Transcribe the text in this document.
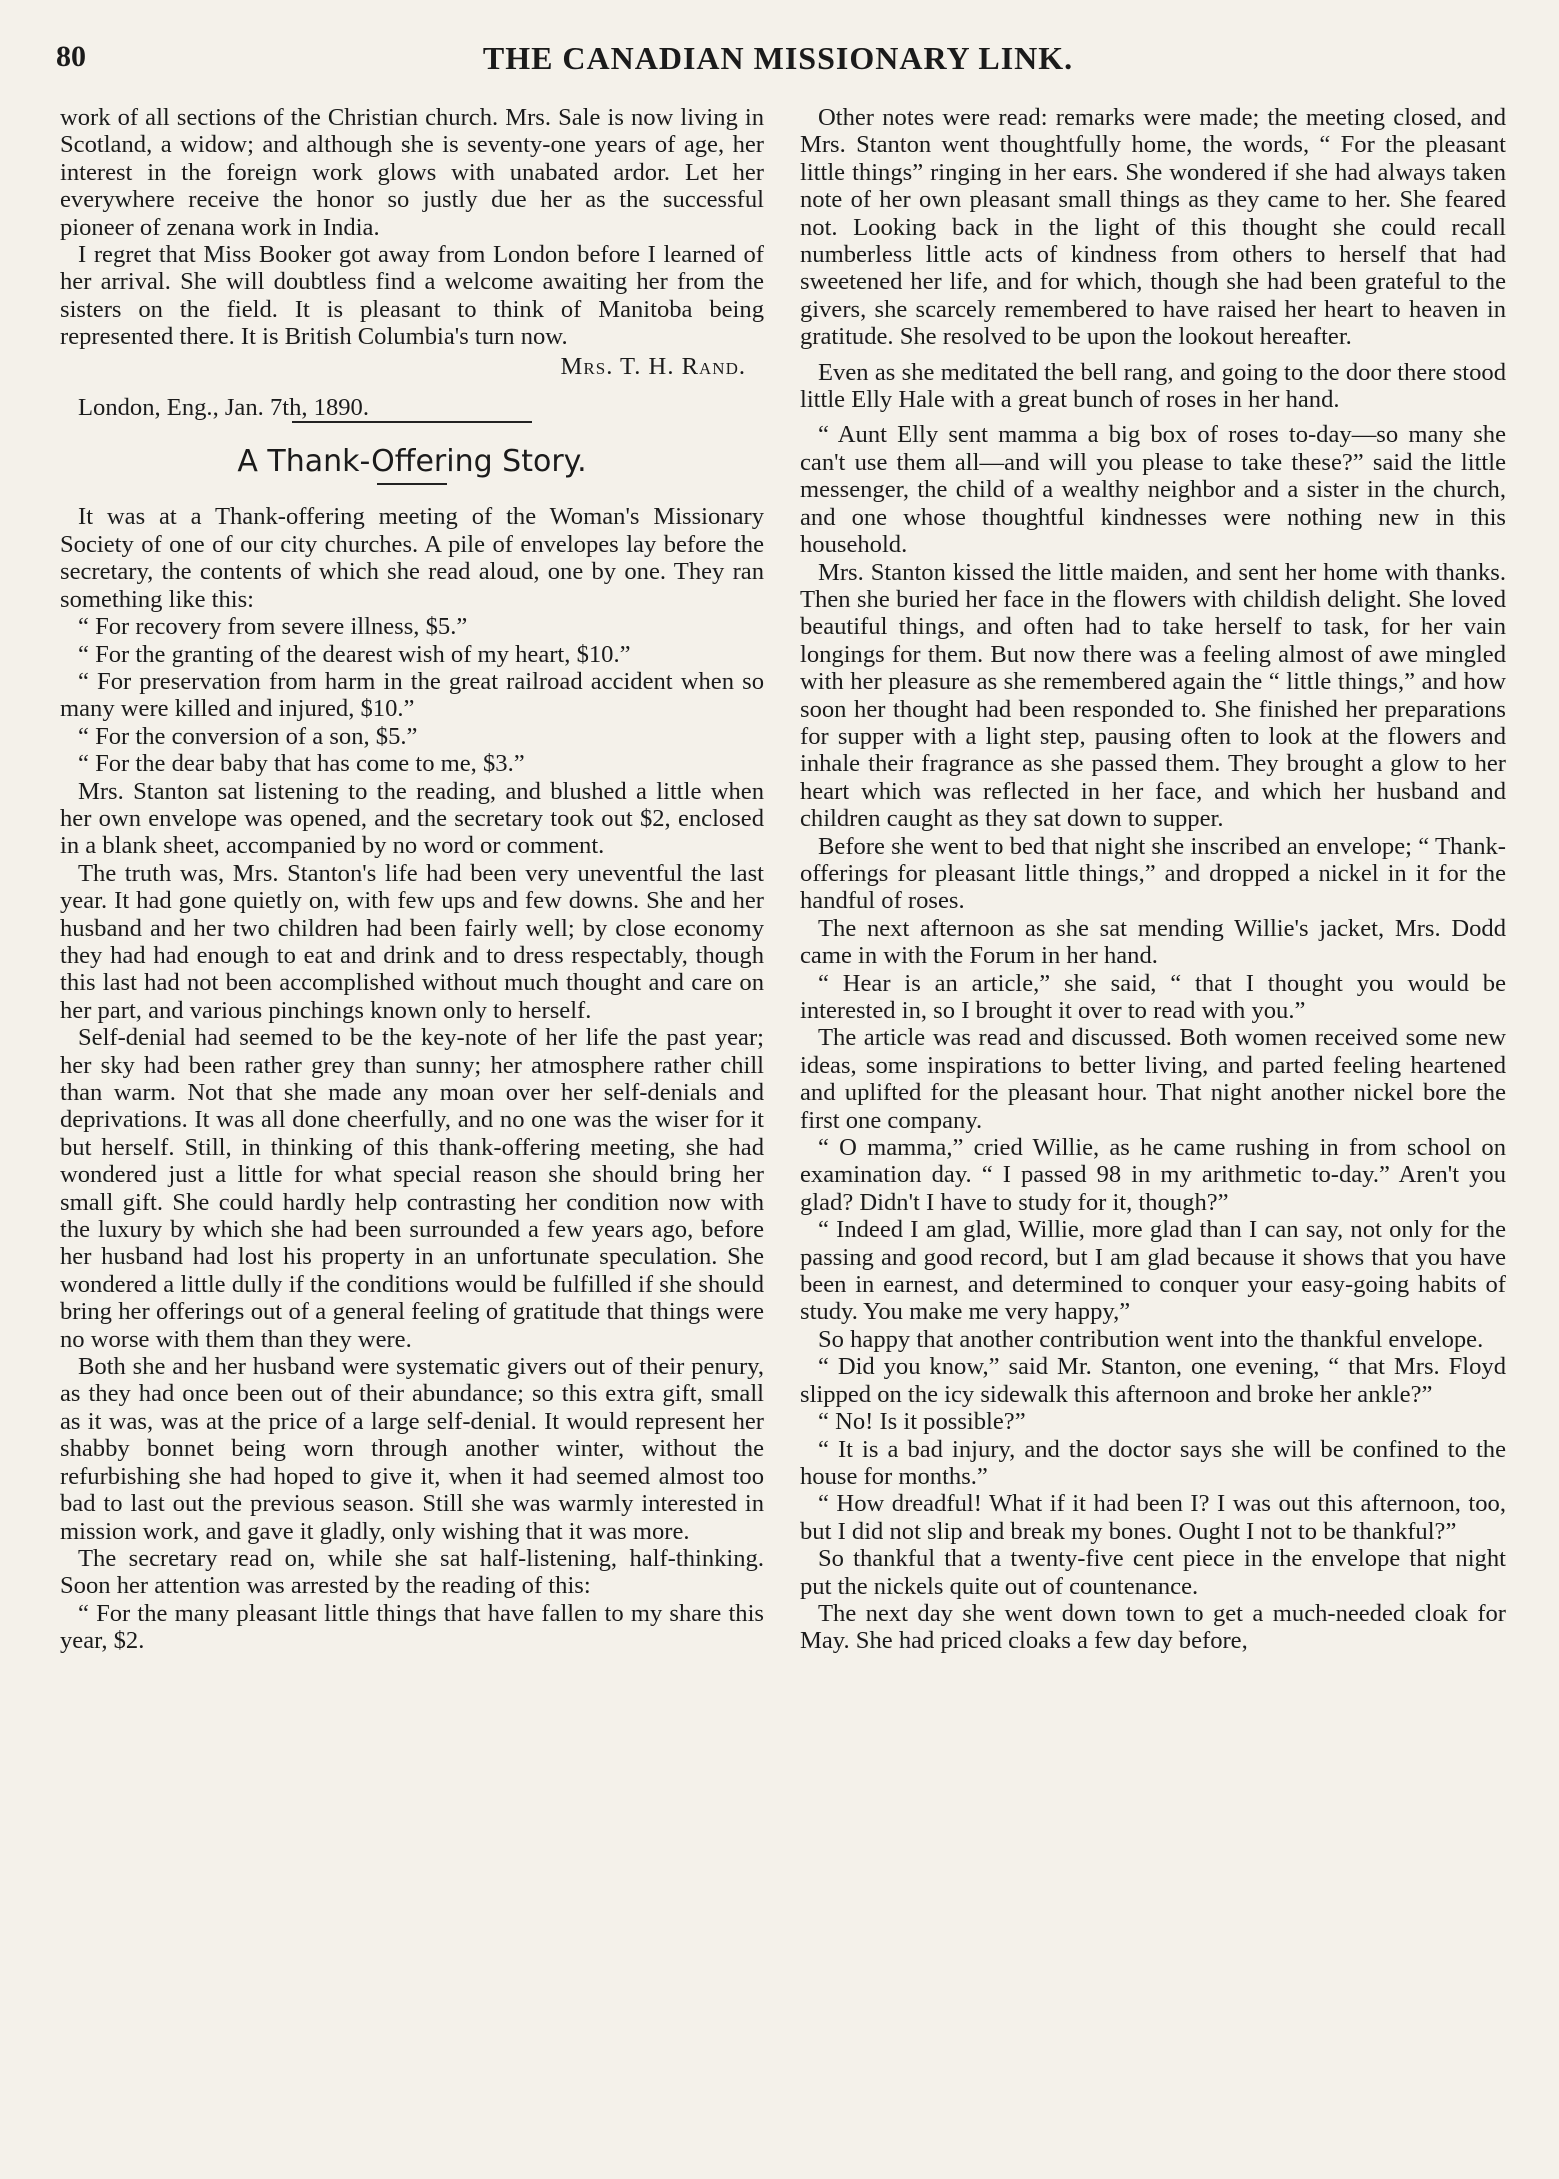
80	THE CANADIAN MISSIONARY LINK.

work of all sections of the Christian church. Mrs. Sale is now living in Scotland, a widow; and although she is seventy-one years of age, her interest in the foreign work glows with unabated ardor. Let her everywhere receive the honor so justly due her as the successful pioneer of zenana work in India.

I regret that Miss Booker got away from London before I learned of her arrival. She will doubtless find a welcome awaiting her from the sisters on the field. It is pleasant to think of Manitoba being represented there. It is British Columbia's turn now.

Mrs. T. H. Rand.

London, Eng., Jan. 7th, 1890.

A Thank-Offering Story.

It was at a Thank-offering meeting of the Woman's Missionary Society of one of our city churches. A pile of envelopes lay before the secretary, the contents of which she read aloud, one by one. They ran something like this:

“ For recovery from severe illness, $5.”

“ For the granting of the dearest wish of my heart, $10.”

“ For preservation from harm in the great railroad accident when so many were killed and injured, $10.”

“ For the conversion of a son, $5.”

“ For the dear baby that has come to me, $3.”

Mrs. Stanton sat listening to the reading, and blushed a little when her own envelope was opened, and the secretary took out $2, enclosed in a blank sheet, accompanied by no word or comment.

The truth was, Mrs. Stanton's life had been very uneventful the last year. It had gone quietly on, with few ups and few downs. She and her husband and her two children had been fairly well; by close economy they had had enough to eat and drink and to dress respectably, though this last had not been accomplished without much thought and care on her part, and various pinchings known only to herself.

Self-denial had seemed to be the key-note of her life the past year; her sky had been rather grey than sunny; her atmosphere rather chill than warm. Not that she made any moan over her self-denials and deprivations. It was all done cheerfully, and no one was the wiser for it but herself. Still, in thinking of this thank-offering meeting, she had wondered just a little for what special reason she should bring her small gift. She could hardly help contrasting her condition now with the luxury by which she had been surrounded a few years ago, before her husband had lost his property in an unfortunate speculation. She wondered a little dully if the conditions would be fulfilled if she should bring her offerings out of a general feeling of gratitude that things were no worse with them than they were.

Both she and her husband were systematic givers out of their penury, as they had once been out of their abundance; so this extra gift, small as it was, was at the price of a large self-denial. It would represent her shabby bonnet being worn through another winter, without the refurbishing she had hoped to give it, when it had seemed almost too bad to last out the previous season. Still she was warmly interested in mission work, and gave it gladly, only wishing that it was more.

The secretary read on, while she sat half-listening, half-thinking. Soon her attention was arrested by the reading of this:

“ For the many pleasant little things that have fallen to my share this year, $2.

Other notes were read: remarks were made; the meeting closed, and Mrs. Stanton went thoughtfully home, the words, “ For the pleasant little things” ringing in her ears. She wondered if she had always taken note of her own pleasant small things as they came to her. She feared not. Looking back in the light of this thought she could recall numberless little acts of kindness from others to herself that had sweetened her life, and for which, though she had been grateful to the givers, she scarcely remembered to have raised her heart to heaven in gratitude. She resolved to be upon the lookout hereafter.

Even as she meditated the bell rang, and going to the door there stood little Elly Hale with a great bunch of roses in her hand.

“ Aunt Elly sent mamma a big box of roses to-day—so many she can't use them all—and will you please to take these?” said the little messenger, the child of a wealthy neighbor and a sister in the church, and one whose thoughtful kindnesses were nothing new in this household.

Mrs. Stanton kissed the little maiden, and sent her home with thanks. Then she buried her face in the flowers with childish delight. She loved beautiful things, and often had to take herself to task, for her vain longings for them. But now there was a feeling almost of awe mingled with her pleasure as she remembered again the “ little things,” and how soon her thought had been responded to. She finished her preparations for supper with a light step, pausing often to look at the flowers and inhale their fragrance as she passed them. They brought a glow to her heart which was reflected in her face, and which her husband and children caught as they sat down to supper.

Before she went to bed that night she inscribed an envelope; “ Thank-offerings for pleasant little things,” and dropped a nickel in it for the handful of roses.

The next afternoon as she sat mending Willie's jacket, Mrs. Dodd came in with the Forum in her hand.

“ Hear is an article,” she said, “ that I thought you would be interested in, so I brought it over to read with you.”

The article was read and discussed. Both women received some new ideas, some inspirations to better living, and parted feeling heartened and uplifted for the pleasant hour. That night another nickel bore the first one company.

“ O mamma,” cried Willie, as he came rushing in from school on examination day. “ I passed 98 in my arithmetic to-day.” Aren't you glad? Didn't I have to study for it, though?”

“ Indeed I am glad, Willie, more glad than I can say, not only for the passing and good record, but I am glad because it shows that you have been in earnest, and determined to conquer your easy-going habits of study. You make me very happy,”

So happy that another contribution went into the thankful envelope.

“ Did you know,” said Mr. Stanton, one evening, “ that Mrs. Floyd slipped on the icy sidewalk this afternoon and broke her ankle?”

“ No! Is it possible?”

“ It is a bad injury, and the doctor says she will be confined to the house for months.”

“ How dreadful! What if it had been I? I was out this afternoon, too, but I did not slip and break my bones. Ought I not to be thankful?”

So thankful that a twenty-five cent piece in the envelope that night put the nickels quite out of countenance.

The next day she went down town to get a much-needed cloak for May. She had priced cloaks a few day before,
